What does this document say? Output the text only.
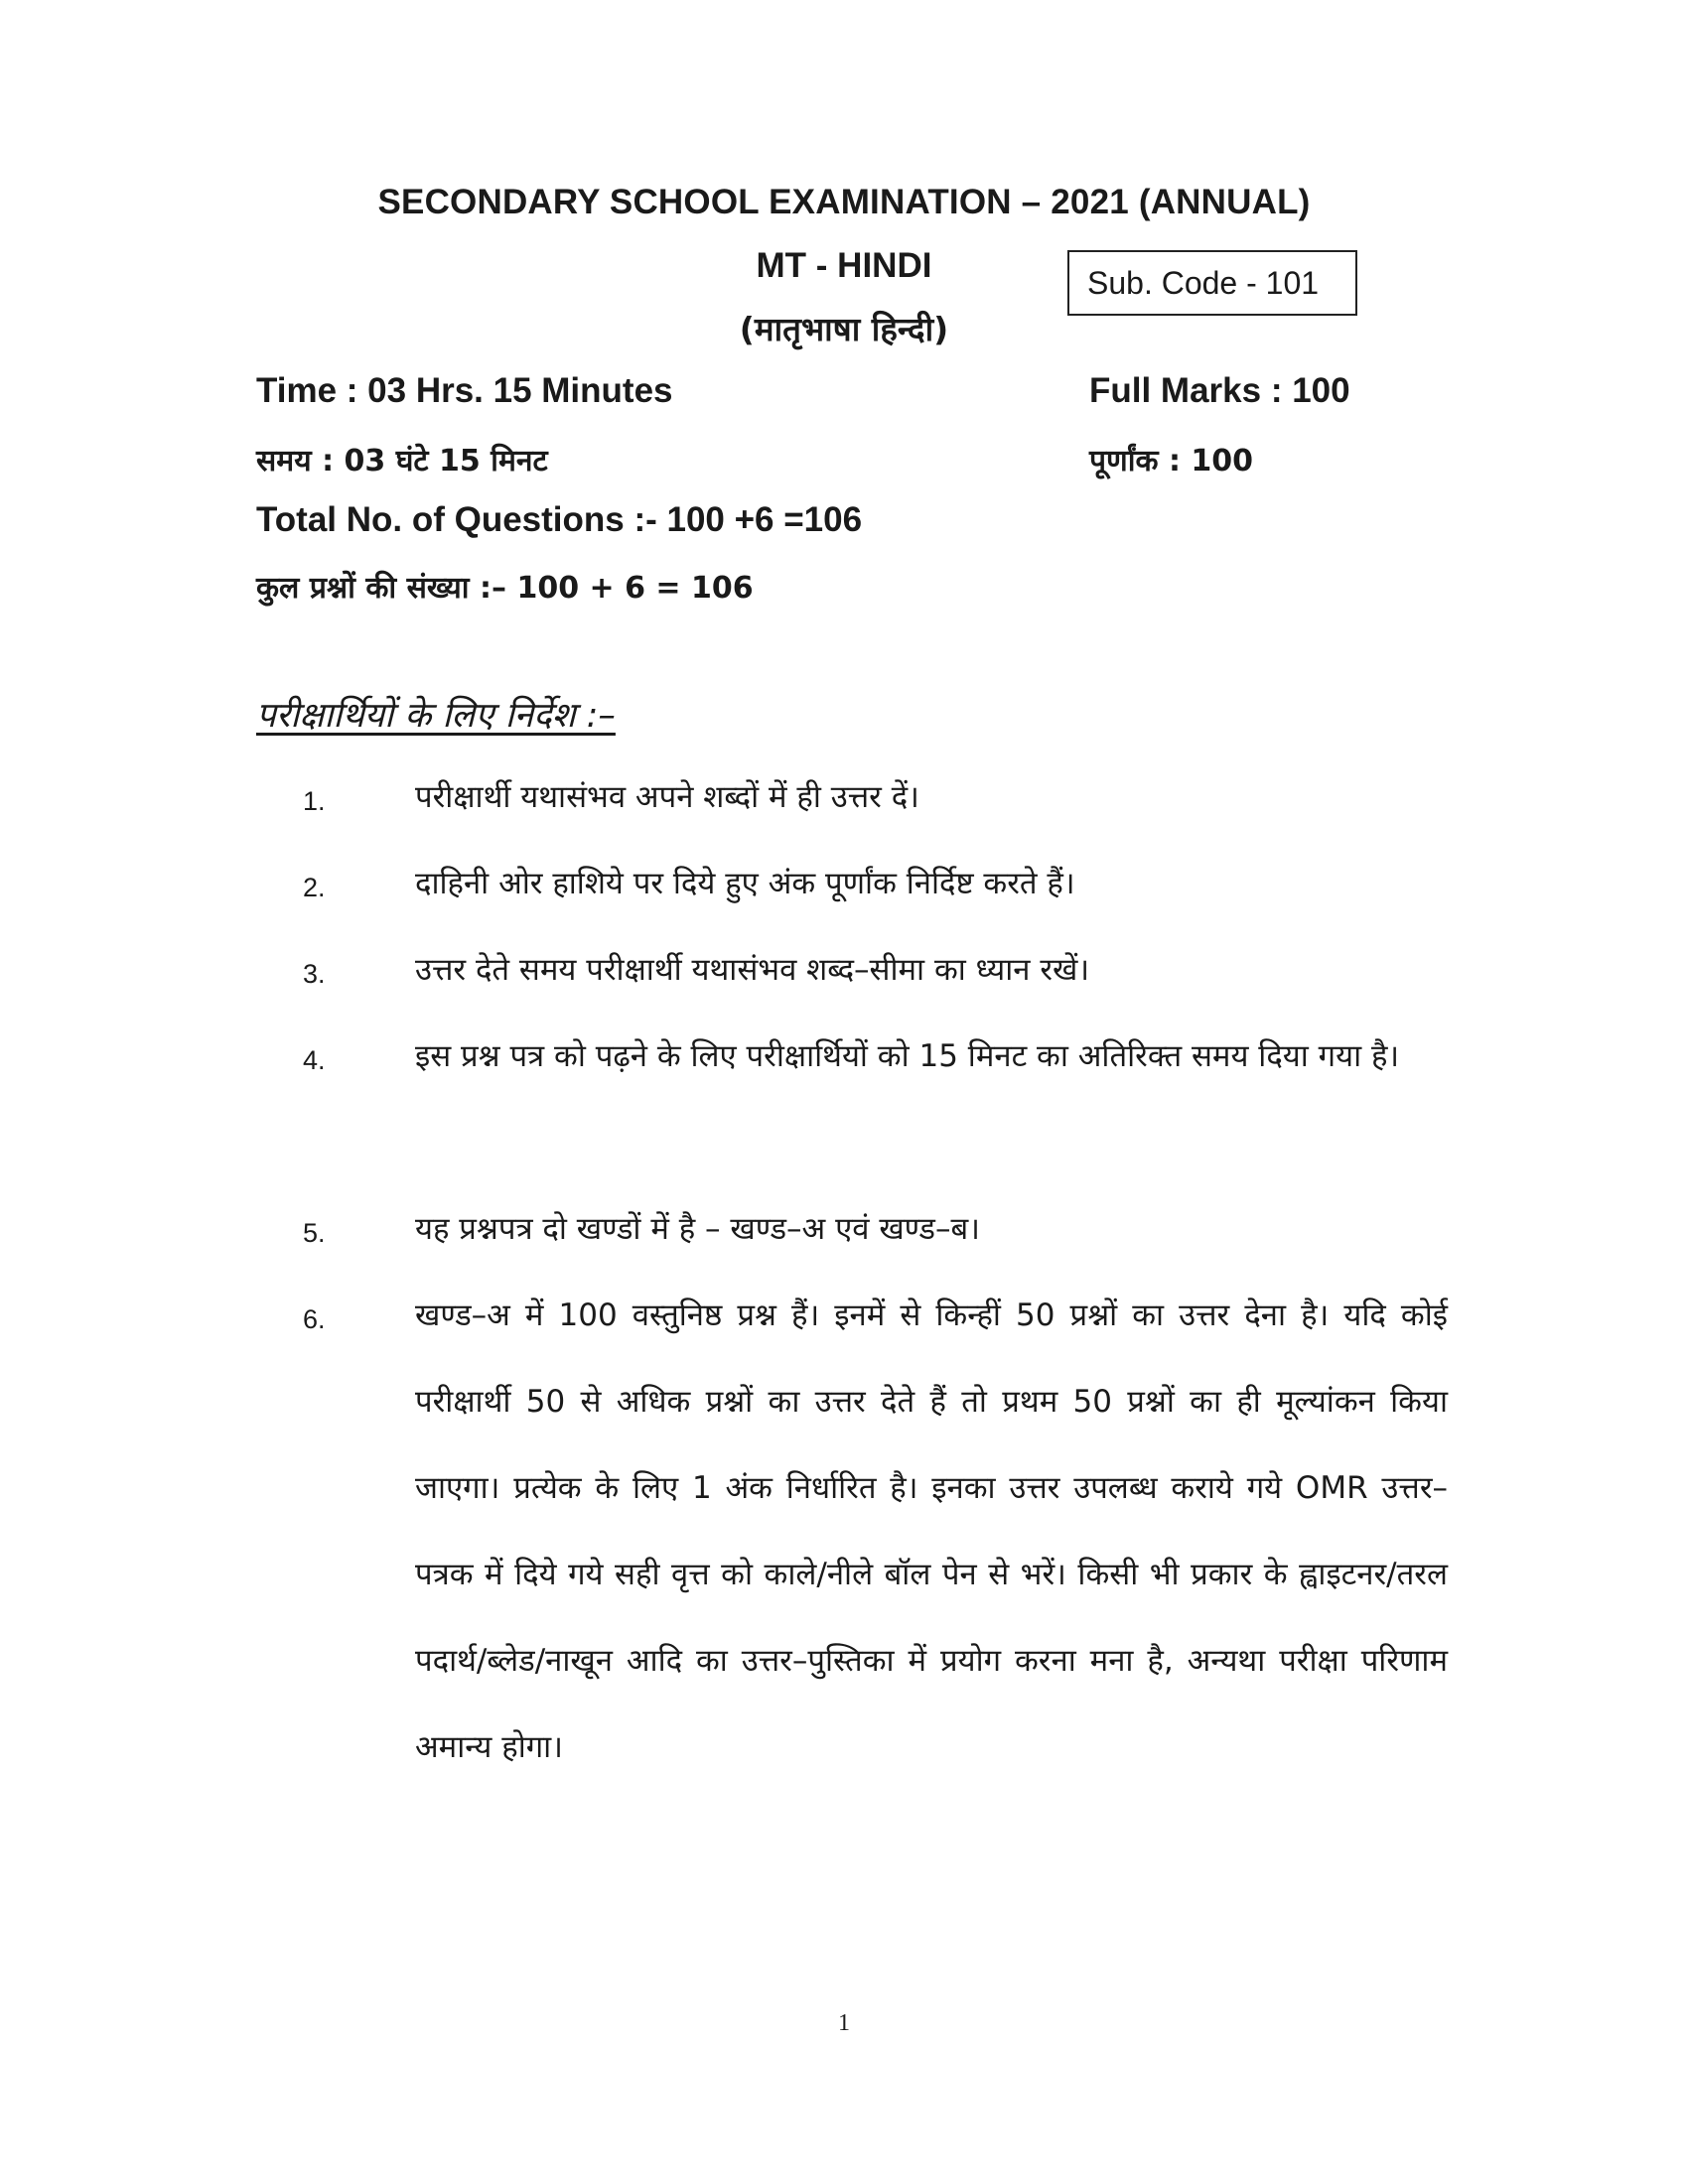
SECONDARY SCHOOL EXAMINATION – 2021 (ANNUAL)
MT - HINDI
(मातृभाषा हिन्दी)
Sub. Code - 101
Time : 03 Hrs. 15 Minutes	Full Marks : 100
समय : 03 घंटे 15 मिनट	पूर्णांक : 100
Total No. of Questions :- 100 +6 =106
कुल प्रश्नों की संख्या :– 100 + 6 = 106
परीक्षार्थियों के लिए निर्देश :–
1.	परीक्षार्थी यथासंभव अपने शब्दों में ही उत्तर दें।
2.	दाहिनी ओर हाशिये पर दिये हुए अंक पूर्णांक निर्दिष्ट करते हैं।
3.	उत्तर देते समय परीक्षार्थी यथासंभव शब्द–सीमा का ध्यान रखें।
4.	इस प्रश्न पत्र को पढ़ने के लिए परीक्षार्थियों को 15 मिनट का अतिरिक्त समय दिया गया है।
5.	यह प्रश्नपत्र दो खण्डों में है – खण्ड–अ एवं खण्ड–ब।
6.	खण्ड–अ में 100 वस्तुनिष्ठ प्रश्न हैं। इनमें से किन्हीं 50 प्रश्नों का उत्तर देना है। यदि कोई परीक्षार्थी 50 से अधिक प्रश्नों का उत्तर देते हैं तो प्रथम 50 प्रश्नों का ही मूल्यांकन किया जाएगा। प्रत्येक के लिए 1 अंक निर्धारित है। इनका उत्तर उपलब्ध कराये गये OMR उत्तर–पत्रक में दिये गये सही वृत्त को काले/नीले बॉल पेन से भरें। किसी भी प्रकार के ह्वाइटनर/तरल पदार्थ/ब्लेड/नाखून आदि का उत्तर–पुस्तिका में प्रयोग करना मना है, अन्यथा परीक्षा परिणाम अमान्य होगा।
1
